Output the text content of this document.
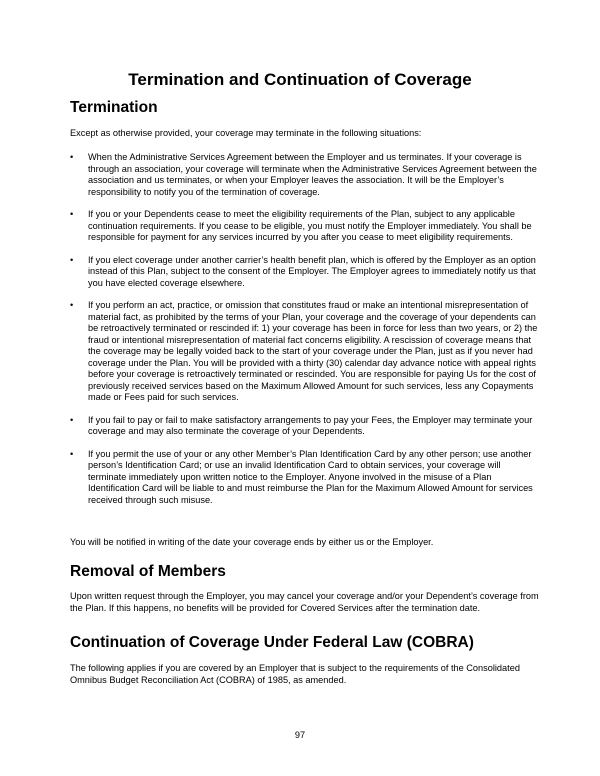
Termination and Continuation of Coverage
Termination
Except as otherwise provided, your coverage may terminate in the following situations:
•	When the Administrative Services Agreement between the Employer and us terminates. If your coverage is through an association, your coverage will terminate when the Administrative Services Agreement between the association and us terminates, or when your Employer leaves the association. It will be the Employer’s responsibility to notify you of the termination of coverage.
•	If you or your Dependents cease to meet the eligibility requirements of the Plan, subject to any applicable continuation requirements. If you cease to be eligible, you must notify the Employer immediately. You shall be responsible for payment for any services incurred by you after you cease to meet eligibility requirements.
•	If you elect coverage under another carrier’s health benefit plan, which is offered by the Employer as an option instead of this Plan, subject to the consent of the Employer. The Employer agrees to immediately notify us that you have elected coverage elsewhere.
•	If you perform an act, practice, or omission that constitutes fraud or make an intentional misrepresentation of material fact, as prohibited by the terms of your Plan, your coverage and the coverage of your dependents can be retroactively terminated or rescinded if: 1) your coverage has been in force for less than two years, or 2) the fraud or intentional misrepresentation of material fact concerns eligibility. A rescission of coverage means that the coverage may be legally voided back to the start of your coverage under the Plan, just as if you never had coverage under the Plan. You will be provided with a thirty (30) calendar day advance notice with appeal rights before your coverage is retroactively terminated or rescinded. You are responsible for paying Us for the cost of previously received services based on the Maximum Allowed Amount for such services, less any Copayments made or Fees paid for such services.
•	If you fail to pay or fail to make satisfactory arrangements to pay your Fees, the Employer may terminate your coverage and may also terminate the coverage of your Dependents.
•	If you permit the use of your or any other Member’s Plan Identification Card by any other person; use another person’s Identification Card; or use an invalid Identification Card to obtain services, your coverage will terminate immediately upon written notice to the Employer. Anyone involved in the misuse of a Plan Identification Card will be liable to and must reimburse the Plan for the Maximum Allowed Amount for services received through such misuse.
You will be notified in writing of the date your coverage ends by either us or the Employer.
Removal of Members
Upon written request through the Employer, you may cancel your coverage and/or your Dependent’s coverage from the Plan. If this happens, no benefits will be provided for Covered Services after the termination date.
Continuation of Coverage Under Federal Law (COBRA)
The following applies if you are covered by an Employer that is subject to the requirements of the Consolidated Omnibus Budget Reconciliation Act (COBRA) of 1985, as amended.
97
